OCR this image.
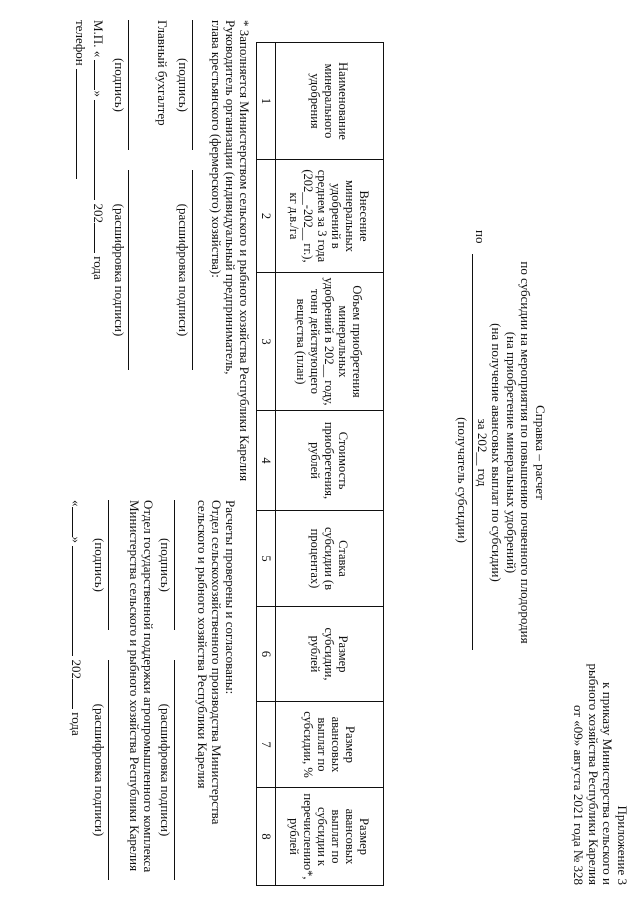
Приложение 3
к приказу Министерства сельского и
рыбного хозяйства Республики Карелия
от «09» августа 2021 года № 328
Справка – расчет
по субсидии на мероприятия по повышению почвенного плодородия
(на приобретение минеральных удобрений)
(на получение авансовых выплат по субсидии)
за 202__ год
по
(получатель субсидии)
Наименование минерального удобрения	Внесение минеральных удобрений в среднем за 3 года (202__-202__ гг.), кг д.в./га	Объем приобретения минеральных удобрений в 202__ году, тонн действующего вещества (план)	Стоимость приобретения, рублей	Ставка субсидии (в процентах)	Размер субсидии, рублей	Размер авансовых выплат по субсидии, %	Размер авансовых выплат по субсидии к перечислению*, рублей
1	2	3	4	5	6	7	8
* Заполняется Министерством сельского и рыбного хозяйства Республики Карелия
Руководитель организации (индивидуальный предприниматель,
глава крестьянского (фермерского) хозяйства):
(подпись)
(расшифровка подписи)
Главный бухгалтер
(подпись)
(расшифровка подписи)
М.П. « »  202 года
телефон
Расчеты проверены и согласованы:
Отдел сельскохозяйственного производства Министерства
сельского и рыбного хозяйства Республики Карелия
(подпись)
(расшифровка подписи)
Отдел государственной поддержки агропромышленного комплекса
Министерства сельского и рыбного хозяйства Республики Карелия
(подпись)
(расшифровка подписи)
«»  202 года
